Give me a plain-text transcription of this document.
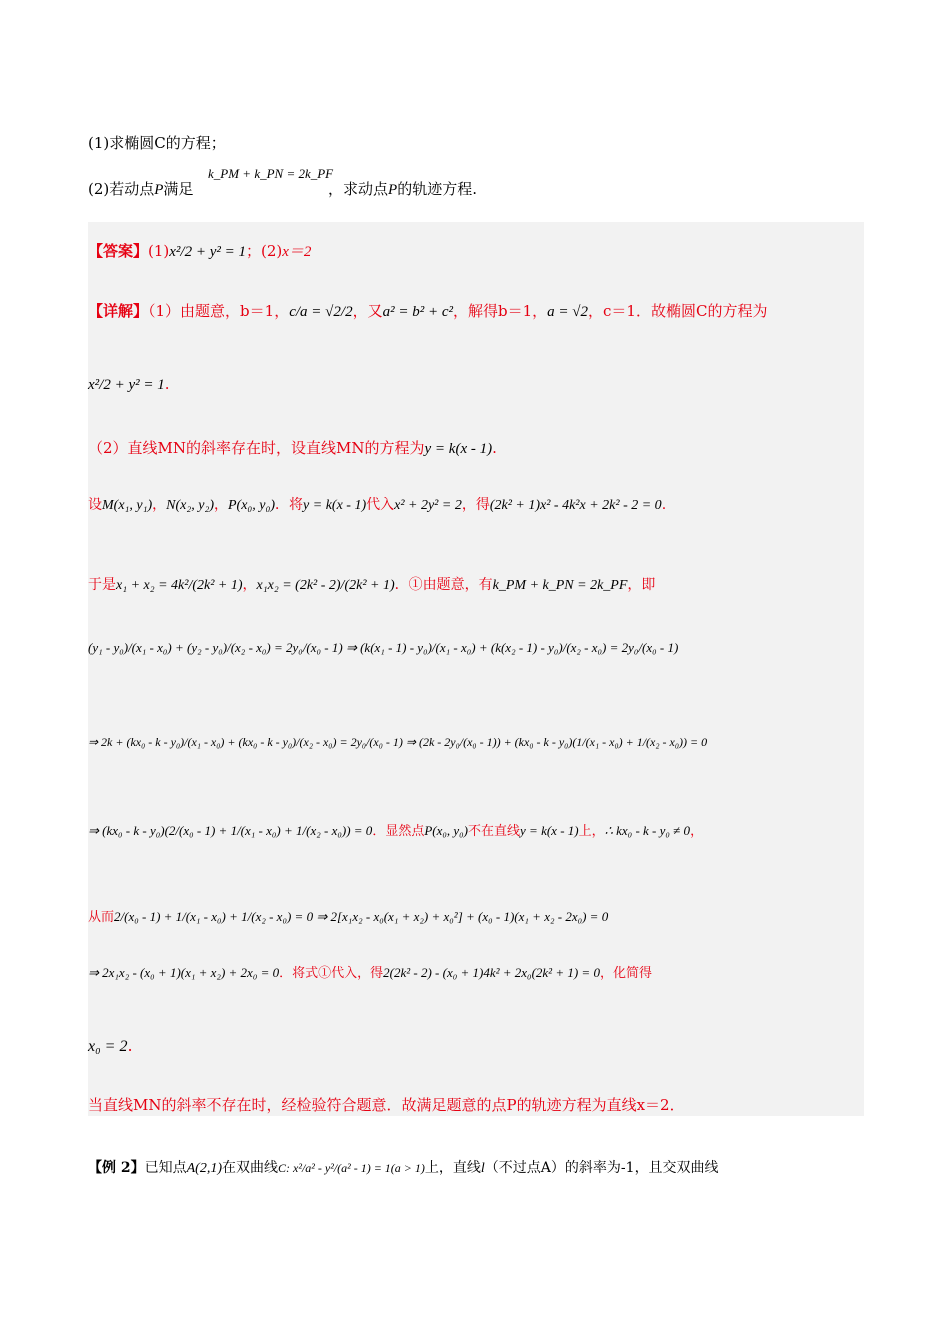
(1)求椭圆C的方程；
(2)若动点P满足
k_PM + k_PN = 2k_PF
，求动点P的轨迹方程.
【答案】(1)x²/2 + y² = 1；(2)x＝2
【详解】（1）由题意，b＝1，c/a = √2/2，又a² = b² + c²，解得b＝1，a = √2，c＝1．故椭圆C的方程为
x²/2 + y² = 1.
（2）直线MN的斜率存在时，设直线MN的方程为y = k(x - 1).
设M(x₁, y₁)，N(x₂, y₂)，P(x₀, y₀)．将y = k(x - 1)代入x² + 2y² = 2，得(2k² + 1)x² - 4k²x + 2k² - 2 = 0.
于是x₁ + x₂ = 4k²/(2k² + 1)，x₁x₂ = (2k² - 2)/(2k² + 1)．①由题意，有k_PM + k_PN = 2k_PF，即
(y₁ - y₀)/(x₁ - x₀) + (y₂ - y₀)/(x₂ - x₀) = 2y₀/(x₀ - 1) ⇒ (k(x₁ - 1) - y₀)/(x₁ - x₀) + (k(x₂ - 1) - y₀)/(x₂ - x₀) = 2y₀/(x₀ - 1)
⇒ 2k + (kx₀ - k - y₀)/(x₁ - x₀) + (kx₀ - k - y₀)/(x₂ - x₀) = 2y₀/(x₀ - 1) ⇒ (2k - 2y₀/(x₀ - 1)) + (kx₀ - k - y₀)(1/(x₁ - x₀) + 1/(x₂ - x₀)) = 0
⇒ (kx₀ - k - y₀)(2/(x₀ - 1) + 1/(x₁ - x₀) + 1/(x₂ - x₀)) = 0．显然点P(x₀, y₀)不在直线y = k(x - 1)上，∴ kx₀ - k - y₀ ≠ 0，
从而2/(x₀ - 1) + 1/(x₁ - x₀) + 1/(x₂ - x₀) = 0 ⇒ 2[x₁x₂ - x₀(x₁ + x₂) + x₀²] + (x₀ - 1)(x₁ + x₂ - 2x₀) = 0
⇒ 2x₁x₂ - (x₀ + 1)(x₁ + x₂) + 2x₀ = 0．将式①代入，得2(2k² - 2) - (x₀ + 1)4k² + 2x₀(2k² + 1) = 0，化简得
x₀ = 2.
当直线MN的斜率不存在时，经检验符合题意．故满足题意的点P的轨迹方程为直线x＝2．
【例 2】已知点A(2,1)在双曲线C: x²/a² - y²/(a² - 1) = 1(a > 1)上，直线l（不过点A）的斜率为-1，且交双曲线
